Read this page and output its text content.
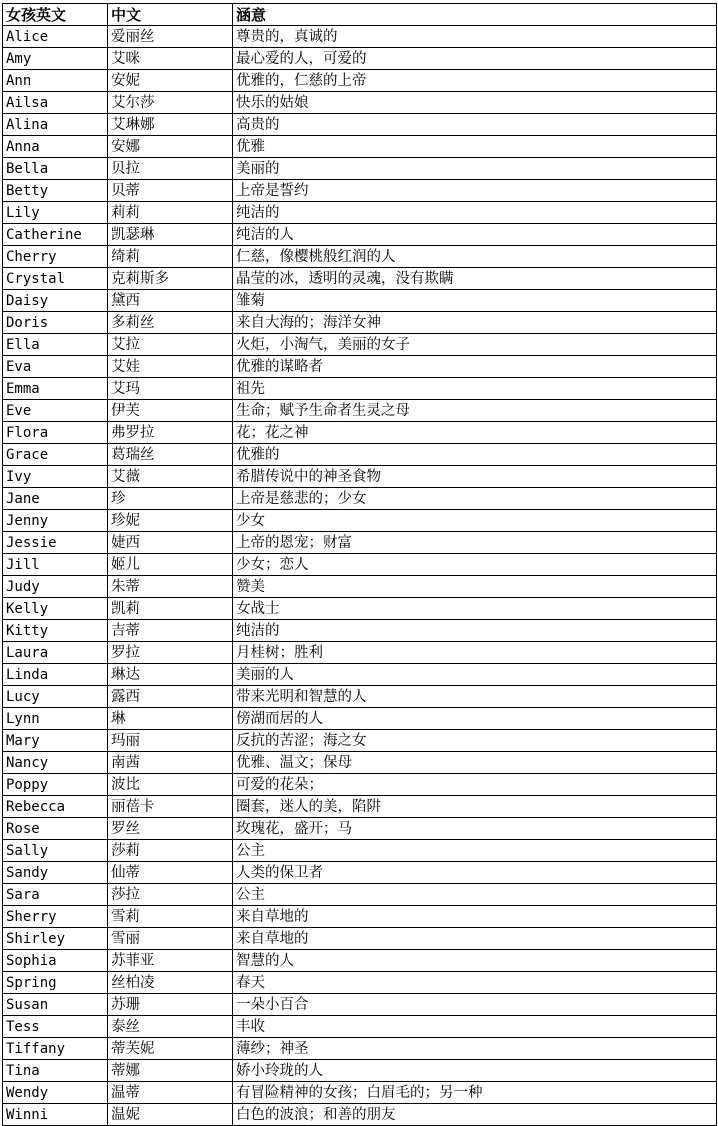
女孩英文	中文	涵意
Alice	爱丽丝	尊贵的，真诚的
Amy	艾咪	最心爱的人，可爱的
Ann	安妮	优雅的，仁慈的上帝
Ailsa	艾尔莎	快乐的姑娘
Alina	艾琳娜	高贵的
Anna	安娜	优雅
Bella	贝拉	美丽的
Betty	贝蒂	上帝是誓约
Lily	莉莉	纯洁的
Catherine	凯瑟琳	纯洁的人
Cherry	绮莉	仁慈，像樱桃般红润的人
Crystal	克莉斯多	晶莹的冰，透明的灵魂，没有欺瞒
Daisy	黛西	雏菊
Doris	多莉丝	来自大海的；海洋女神
Ella	艾拉	火炬，小淘气，美丽的女子
Eva	艾娃	优雅的谋略者
Emma	艾玛	祖先
Eve	伊芙	生命；赋予生命者生灵之母
Flora	弗罗拉	花；花之神
Grace	葛瑞丝	优雅的
Ivy	艾薇	希腊传说中的神圣食物
Jane	珍	上帝是慈悲的；少女
Jenny	珍妮	少女
Jessie	婕西	上帝的恩宠；财富
Jill	姬儿	少女；恋人
Judy	朱蒂	赞美
Kelly	凯莉	女战士
Kitty	吉蒂	纯洁的
Laura	罗拉	月桂树；胜利
Linda	琳达	美丽的人
Lucy	露西	带来光明和智慧的人
Lynn	琳	傍湖而居的人
Mary	玛丽	反抗的苦涩；海之女
Nancy	南茜	优雅、温文；保母
Poppy	波比	可爱的花朵；
Rebecca	丽蓓卡	圈套，迷人的美，陷阱
Rose	罗丝	玫瑰花，盛开；马
Sally	莎莉	公主
Sandy	仙蒂	人类的保卫者
Sara	莎拉	公主
Sherry	雪莉	来自草地的
Shirley	雪丽	来自草地的
Sophia	苏菲亚	智慧的人
Spring	丝柏凌	春天
Susan	苏珊	一朵小百合
Tess	泰丝	丰收
Tiffany	蒂芙妮	薄纱；神圣
Tina	蒂娜	娇小玲珑的人
Wendy	温蒂	有冒险精神的女孩；白眉毛的；另一种
Winni	温妮	白色的波浪；和善的朋友
